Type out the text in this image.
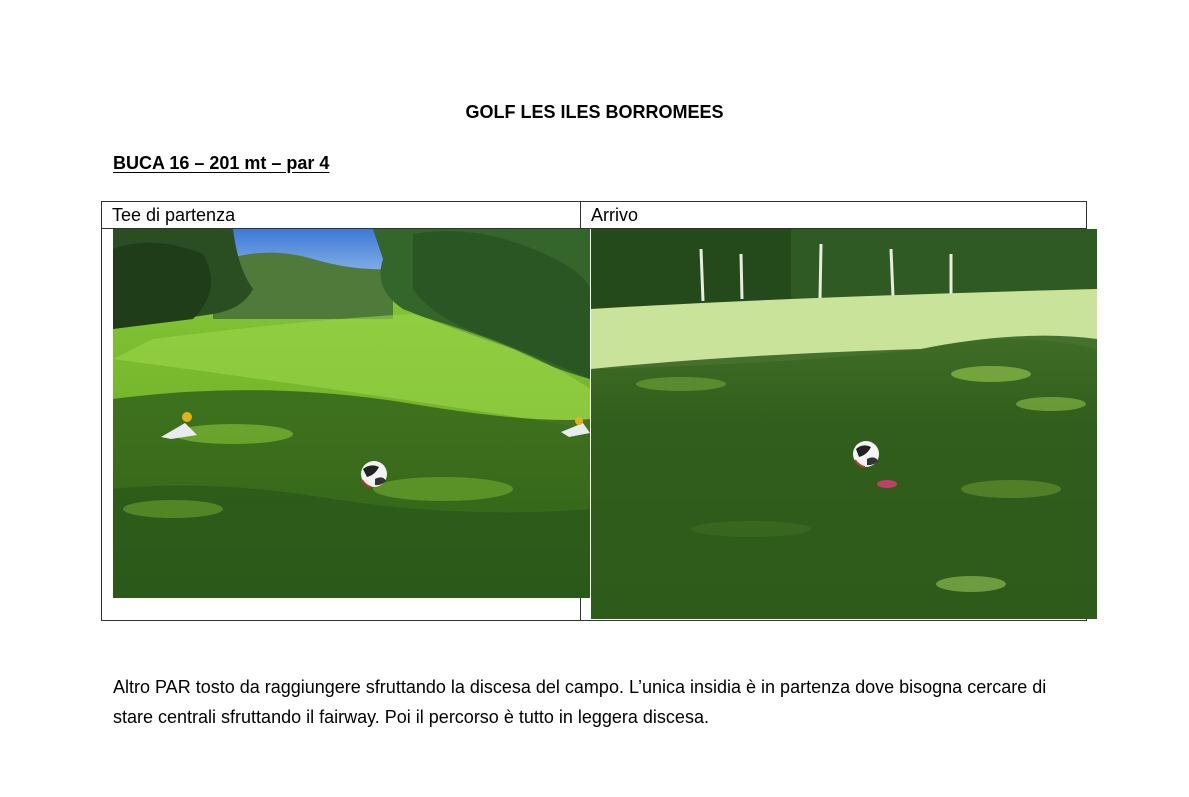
GOLF LES ILES BORROMEES
BUCA 16 – 201 mt – par 4
Tee di partenza	Arrivo
Altro PAR tosto da raggiungere sfruttando la discesa del campo. L’unica insidia è in partenza dove bisogna cercare di stare centrali sfruttando il fairway. Poi il percorso è tutto in leggera discesa.
